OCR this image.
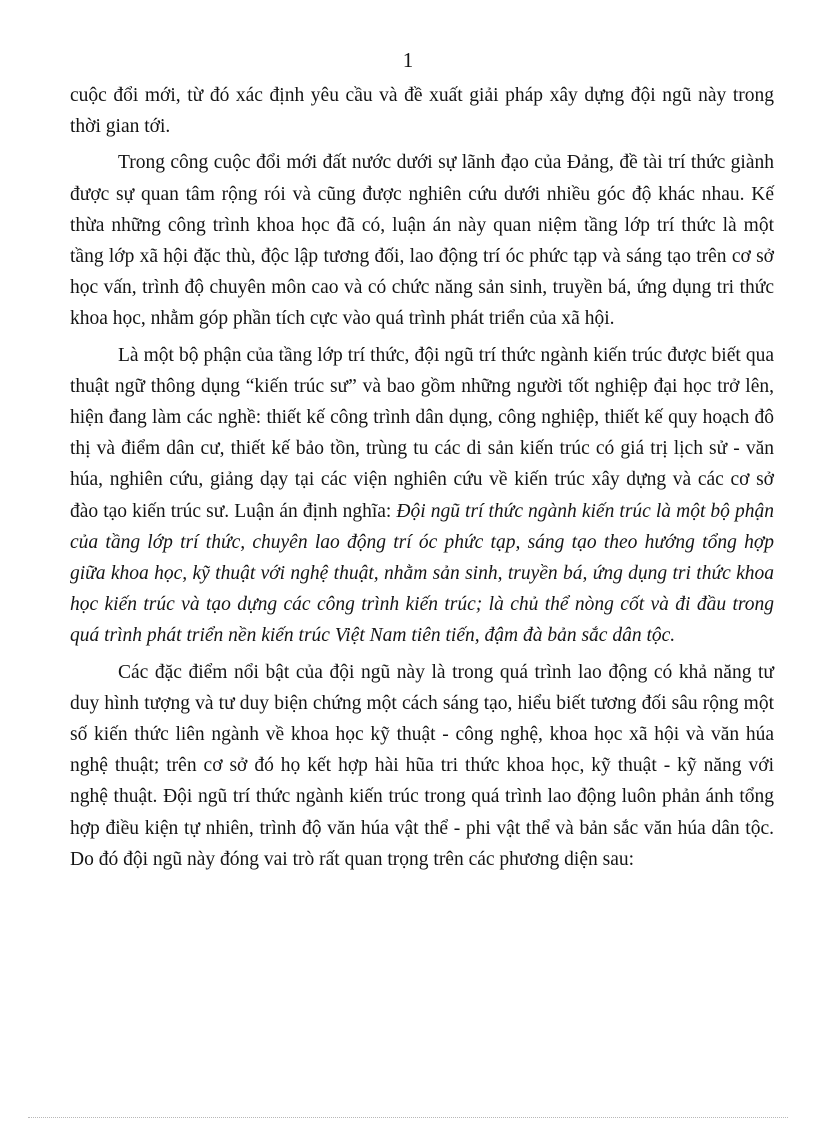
1

cuộc đổi mới, từ đó xác định yêu cầu và đề xuất giải pháp xây dựng đội ngũ này trong thời gian tới.

Trong công cuộc đổi mới đất nước dưới sự lãnh đạo của Đảng, đề tài trí thức giành được sự quan tâm rộng rói và cũng được nghiên cứu dưới nhiều góc độ khác nhau. Kế thừa những công trình khoa học đã có, luận án này quan niệm tầng lớp trí thức là một tầng lớp xã hội đặc thù, độc lập tương đối, lao động trí óc phức tạp và sáng tạo trên cơ sở học vấn, trình độ chuyên môn cao và có chức năng sản sinh, truyền bá, ứng dụng tri thức khoa học, nhằm góp phần tích cực vào quá trình phát triển của xã hội.

Là một bộ phận của tầng lớp trí thức, đội ngũ trí thức ngành kiến trúc được biết qua thuật ngữ thông dụng “kiến trúc sư” và bao gồm những người tốt nghiệp đại học trở lên, hiện đang làm các nghề: thiết kế công trình dân dụng, công nghiệp, thiết kế quy hoạch đô thị và điểm dân cư, thiết kế bảo tồn, trùng tu các di sản kiến trúc có giá trị lịch sử - văn húa, nghiên cứu, giảng dạy tại các viện nghiên cứu về kiến trúc xây dựng và các cơ sở đào tạo kiến trúc sư. Luận án định nghĩa: Đội ngũ trí thức ngành kiến trúc là một bộ phận của tầng lớp trí thức, chuyên lao động trí óc phức tạp, sáng tạo theo hướng tổng hợp giữa khoa học, kỹ thuật với nghệ thuật, nhằm sản sinh, truyền bá, ứng dụng tri thức khoa học kiến trúc và tạo dựng các công trình kiến trúc; là chủ thể nòng cốt và đi đầu trong quá trình phát triển nền kiến trúc Việt Nam tiên tiến, đậm đà bản sắc dân tộc.

Các đặc điểm nổi bật của đội ngũ này là trong quá trình lao động có khả năng tư duy hình tượng và tư duy biện chứng một cách sáng tạo, hiểu biết tương đối sâu rộng một số kiến thức liên ngành về khoa học kỹ thuật - công nghệ, khoa học xã hội và văn húa nghệ thuật; trên cơ sở đó họ kết hợp hài hũa tri thức khoa học, kỹ thuật - kỹ năng với nghệ thuật. Đội ngũ trí thức ngành kiến trúc trong quá trình lao động luôn phản ánh tổng hợp điều kiện tự nhiên, trình độ văn húa vật thể - phi vật thể và bản sắc văn húa dân tộc. Do đó đội ngũ này đóng vai trò rất quan trọng trên các phương diện sau:
